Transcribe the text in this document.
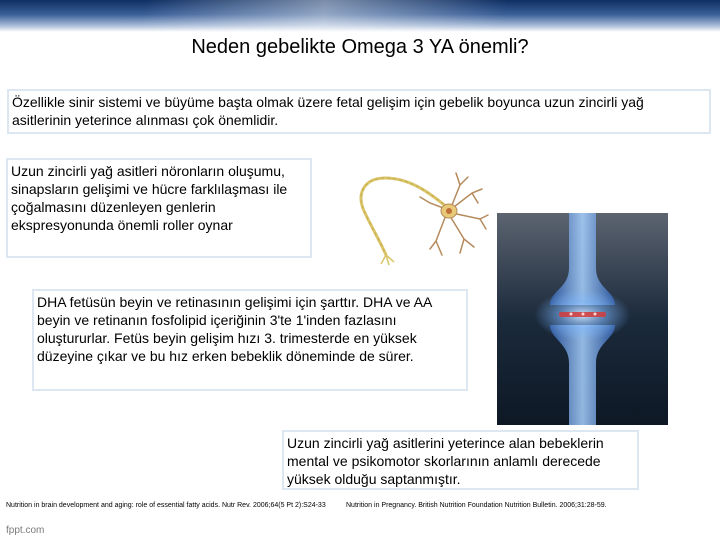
Neden gebelikte Omega 3 YA önemli?
Özellikle sinir sistemi ve büyüme başta olmak üzere fetal gelişim için gebelik boyunca uzun zincirli yağ asitlerinin yeterince alınması çok önemlidir.
Uzun zincirli yağ asitleri nöronların oluşumu, sinapsların gelişimi ve hücre farklılaşması ile çoğalmasını düzenleyen genlerin ekspresyonunda önemli roller oynar
DHA fetüsün beyin ve retinasının gelişimi için şarttır. DHA ve AA beyin ve retinanın fosfolipid içeriğinin 3'te 1'inden fazlasını oluştururlar. Fetüs beyin gelişim hızı 3. trimesterde en yüksek düzeyine çıkar ve bu hız erken bebeklik döneminde de sürer.
Uzun zincirli yağ asitlerini yeterince alan bebeklerin mental ve psikomotor skorlarının anlamlı derecede yüksek olduğu saptanmıştır.
Nutrition in brain development and aging: role of essential fatty acids. Nutr Rev. 2006;64(5 Pt 2):S24-33	Nutrition in Pregnancy. British Nutrition Foundation Nutrition Bulletin. 2006;31:28-59.
fppt.com
